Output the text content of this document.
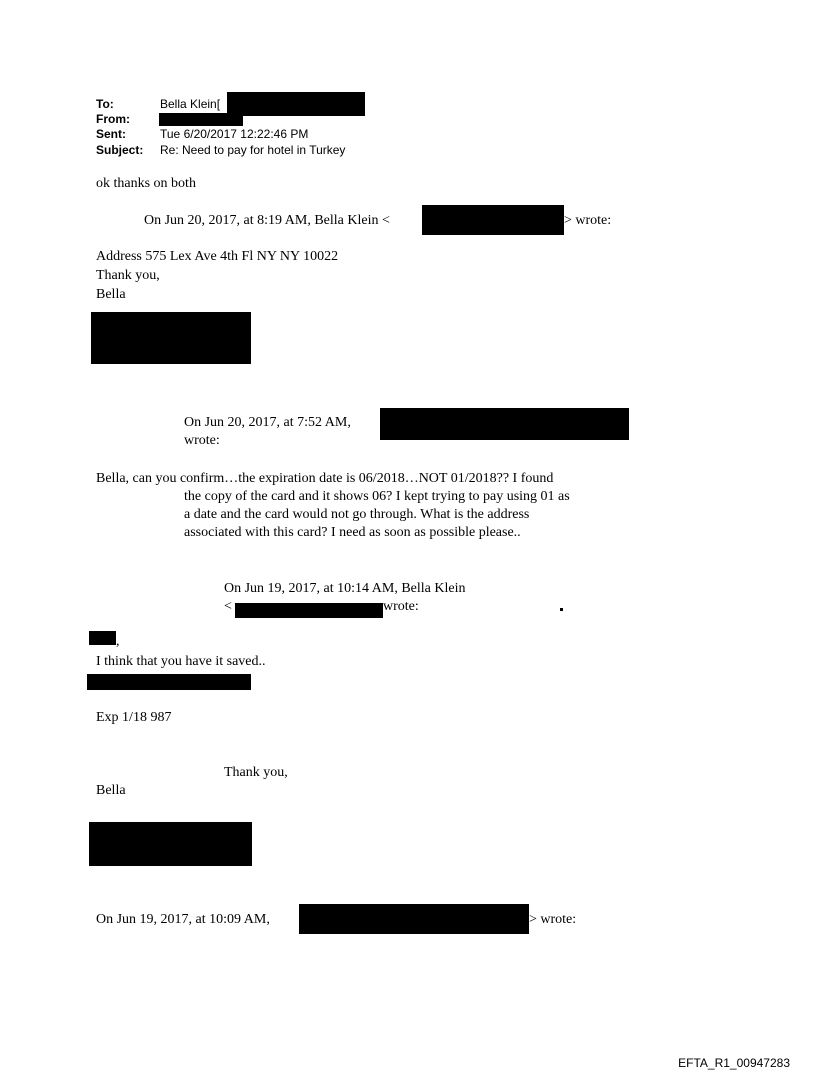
To:	Bella Klein[
From:
Sent:	Tue 6/20/2017 12:22:46 PM
Subject: Re: Need to pay for hotel in Turkey
ok thanks on both
On Jun 20, 2017, at 8:19 AM, Bella Klein <	> wrote:
Address 575 Lex Ave 4th Fl NY NY 10022
Thank you,
Bella
On Jun 20, 2017, at 7:52 AM,
wrote:
Bella, can you confirm…the expiration date is 06/2018…NOT 01/2018?? I found
the copy of the card and it shows 06? I kept trying to pay using 01 as
a date and the card would not go through. What is the address
associated with this card? I need as soon as possible please..
On Jun 19, 2017, at 10:14 AM, Bella Klein
<	wrote:
,
I think that you have it saved..
Exp 1/18 987
Thank you,
Bella
On Jun 19, 2017, at 10:09 AM,	> wrote:
EFTA_R1_00947283
